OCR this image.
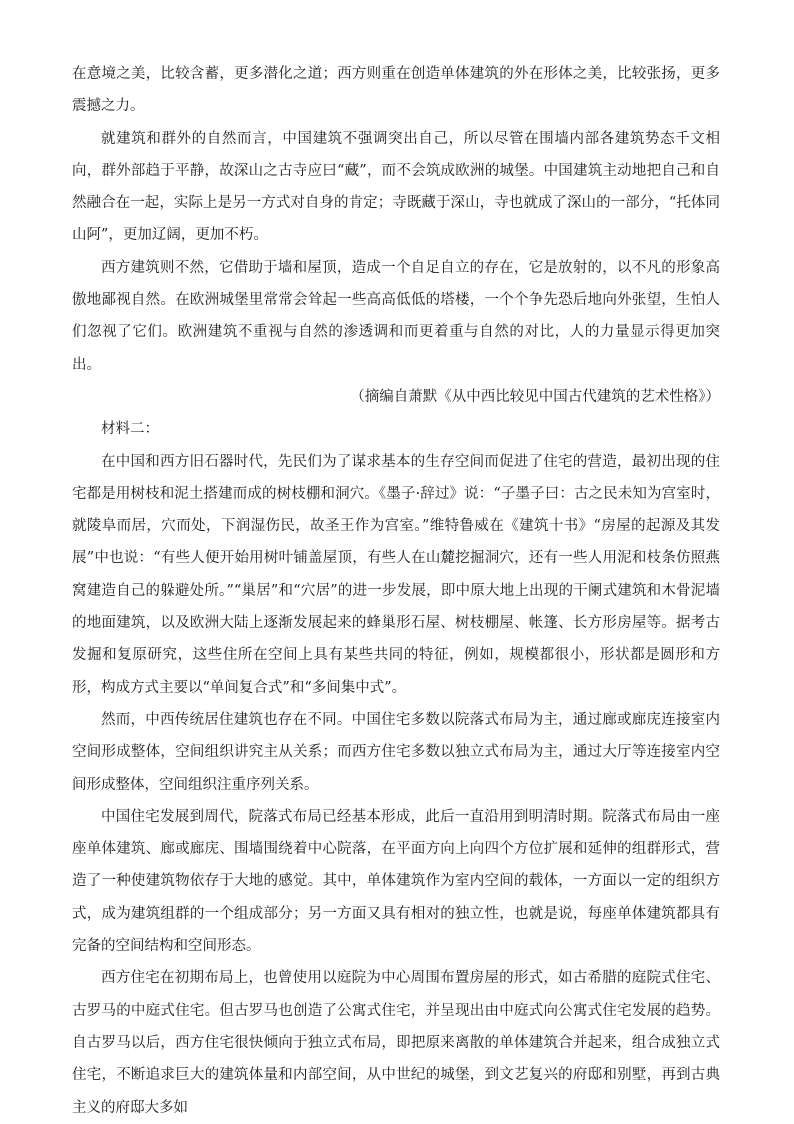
在意境之美，比较含蓄，更多潜化之道；西方则重在创造单体建筑的外在形体之美，比较张扬，更多震撼之力。

就建筑和群外的自然而言，中国建筑不强调突出自己，所以尽管在围墙内部各建筑势态千文相向，群外部趋于平静，故深山之古寺应曰“藏”，而不会筑成欧洲的城堡。中国建筑主动地把自己和自然融合在一起，实际上是另一方式对自身的肯定；寺既藏于深山，寺也就成了深山的一部分，“托体同山阿”，更加辽阔，更加不朽。

西方建筑则不然，它借助于墙和屋顶，造成一个自足自立的存在，它是放射的，以不凡的形象高傲地鄙视自然。在欧洲城堡里常常会耸起一些高高低低的塔楼，一个个争先恐后地向外张望，生怕人们忽视了它们。欧洲建筑不重视与自然的渗透调和而更着重与自然的对比，人的力量显示得更加突出。

（摘编自萧默《从中西比较见中国古代建筑的艺术性格》）

材料二：

在中国和西方旧石器时代，先民们为了谋求基本的生存空间而促进了住宅的营造，最初出现的住宅都是用树枝和泥土搭建而成的树枝棚和洞穴。《墨子·辞过》说：“子墨子曰：古之民未知为宫室时，就陵阜而居，穴而处，下润湿伤民，故圣王作为宫室。”维特鲁威在《建筑十书》“房屋的起源及其发展”中也说：“有些人便开始用树叶铺盖屋顶，有些人在山麓挖掘洞穴，还有一些人用泥和枝条仿照燕窝建造自己的躲避处所。”“巢居”和“穴居”的进一步发展，即中原大地上出现的干阑式建筑和木骨泥墙的地面建筑，以及欧洲大陆上逐渐发展起来的蜂巢形石屋、树枝棚屋、帐篷、长方形房屋等。据考古发掘和复原研究，这些住所在空间上具有某些共同的特征，例如，规模都很小，形状都是圆形和方形，构成方式主要以“单间复合式”和“多间集中式”。

然而，中西传统居住建筑也存在不同。中国住宅多数以院落式布局为主，通过廊或廊庑连接室内空间形成整体，空间组织讲究主从关系；而西方住宅多数以独立式布局为主，通过大厅等连接室内空间形成整体，空间组织注重序列关系。

中国住宅发展到周代，院落式布局已经基本形成，此后一直沿用到明清时期。院落式布局由一座座单体建筑、廊或廊庑、围墙围绕着中心院落，在平面方向上向四个方位扩展和延伸的组群形式，营造了一种使建筑物依存于大地的感觉。其中，单体建筑作为室内空间的载体，一方面以一定的组织方式，成为建筑组群的一个组成部分；另一方面又具有相对的独立性，也就是说，每座单体建筑都具有完备的空间结构和空间形态。

西方住宅在初期布局上，也曾使用以庭院为中心周围布置房屋的形式，如古希腊的庭院式住宅、古罗马的中庭式住宅。但古罗马也创造了公寓式住宅，并呈现出由中庭式向公寓式住宅发展的趋势。自古罗马以后，西方住宅很快倾向于独立式布局，即把原来离散的单体建筑合并起来，组合成独立式住宅，不断追求巨大的建筑体量和内部空间，从中世纪的城堡，到文艺复兴的府邸和别墅，再到古典主义的府邸大多如
